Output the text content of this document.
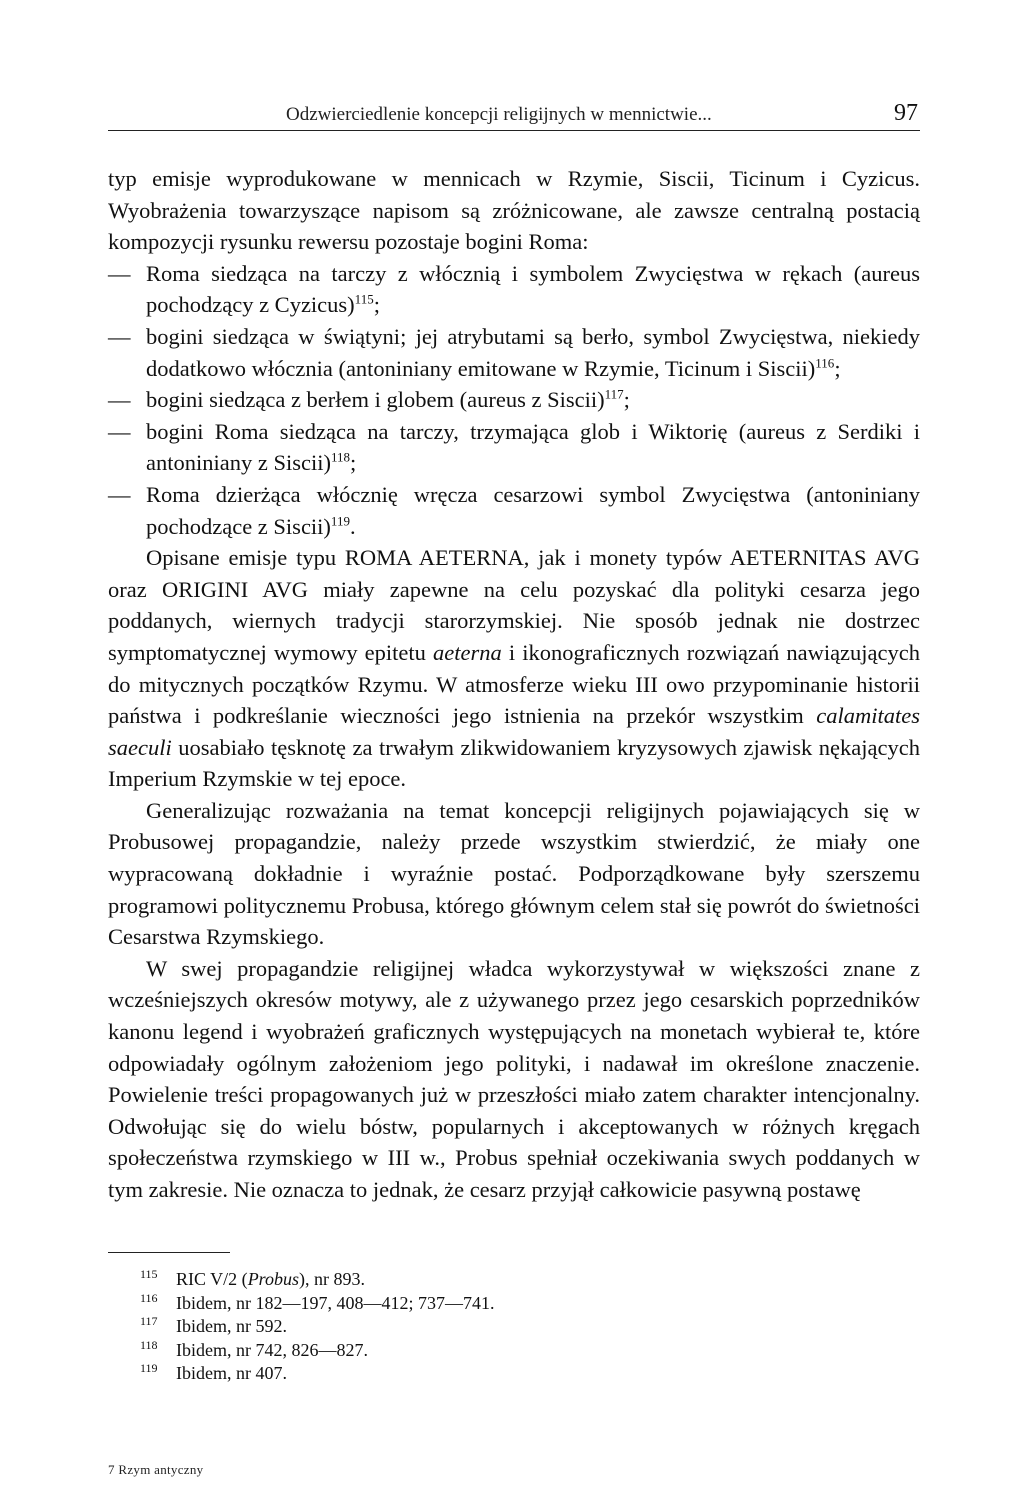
Odzwierciedlenie koncepcji religijnych w mennictwie...	97

typ emisje wyprodukowane w mennicach w Rzymie, Siscii, Ticinum i Cyzicus. Wyobrażenia towarzyszące napisom są zróżnicowane, ale zawsze centralną postacią kompozycji rysunku rewersu pozostaje bogini Roma:

— Roma siedząca na tarczy z włócznią i symbolem Zwycięstwa w rękach (aureus pochodzący z Cyzicus)$^{115}$;

— bogini siedząca w świątyni; jej atrybutami są berło, symbol Zwycięstwa, niekiedy dodatkowo włócznia (antoniniany emitowane w Rzymie, Ticinum i Siscii)$^{116}$;

— bogini siedząca z berłem i globem (aureus z Siscii)$^{117}$;

— bogini Roma siedząca na tarczy, trzymająca glob i Wiktorię (aureus z Serdiki i antoniniany z Siscii)$^{118}$;

— Roma dzierżąca włócznię wręcza cesarzowi symbol Zwycięstwa (antoniniany pochodzące z Siscii)$^{119}$.

Opisane emisje typu ROMA AETERNA, jak i monety typów AETERNITAS AVG oraz ORIGINI AVG miały zapewne na celu pozyskać dla polityki cesarza jego poddanych, wiernych tradycji starorzymskiej. Nie sposób jednak nie dostrzec symptomatycznej wymowy epitetu aeterna i ikonograficznych rozwiązań nawiązujących do mitycznych początków Rzymu. W atmosferze wieku III owo przypominanie historii państwa i podkreślanie wieczności jego istnienia na przekór wszystkim calamitates saeculi uosabiało tęsknotę za trwałym zlikwidowaniem kryzysowych zjawisk nękających Imperium Rzymskie w tej epoce.

Generalizując rozważania na temat koncepcji religijnych pojawiających się w Probusowej propagandzie, należy przede wszystkim stwierdzić, że miały one wypracowaną dokładnie i wyraźnie postać. Podporządkowane były szerszemu programowi politycznemu Probusa, którego głównym celem stał się powrót do świetności Cesarstwa Rzymskiego.

W swej propagandzie religijnej władca wykorzystywał w większości znane z wcześniejszych okresów motywy, ale z używanego przez jego cesarskich poprzedników kanonu legend i wyobrażeń graficznych występujących na monetach wybierał te, które odpowiadały ogólnym założeniom jego polityki, i nadawał im określone znaczenie. Powielenie treści propagowanych już w przeszłości miało zatem charakter intencjonalny. Odwołując się do wielu bóstw, popularnych i akceptowanych w różnych kręgach społeczeństwa rzymskiego w III w., Probus spełniał oczekiwania swych poddanych w tym zakresie. Nie oznacza to jednak, że cesarz przyjął całkowicie pasywną postawę

115 RIC V/2 (Probus), nr 893.
116 Ibidem, nr 182—197, 408—412; 737—741.
117 Ibidem, nr 592.
118 Ibidem, nr 742, 826—827.
119 Ibidem, nr 407.
7 Rzym antyczny
